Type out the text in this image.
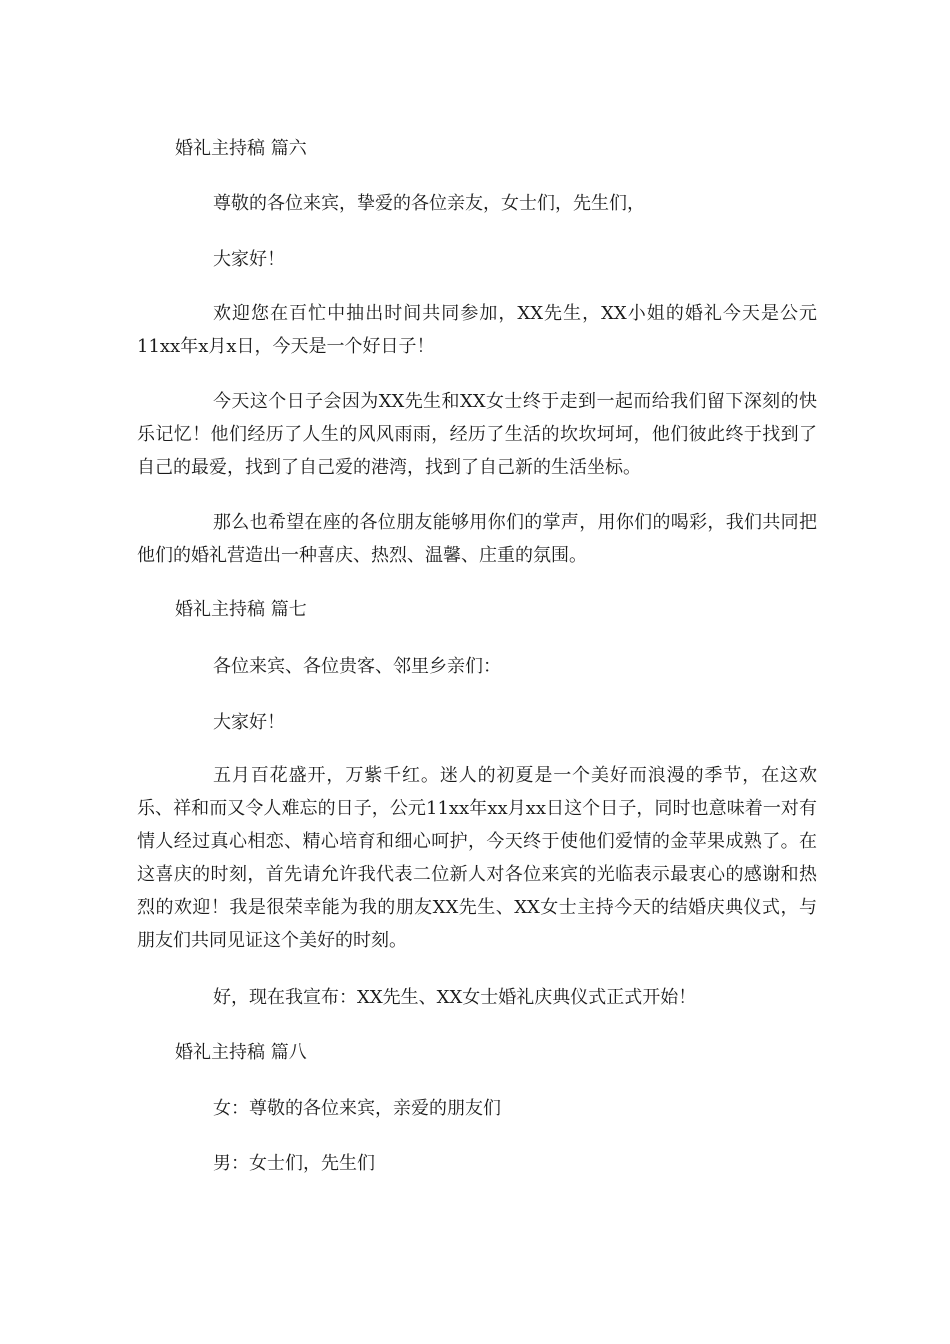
婚礼主持稿 篇六
尊敬的各位来宾，挚爱的各位亲友，女士们，先生们，
大家好！
欢迎您在百忙中抽出时间共同参加，XX先生，XX小姐的婚礼今天是公元11xx年x月x日，今天是一个好日子！
今天这个日子会因为XX先生和XX女士终于走到一起而给我们留下深刻的快乐记忆！他们经历了人生的风风雨雨，经历了生活的坎坎坷坷，他们彼此终于找到了自己的最爱，找到了自己爱的港湾，找到了自己新的生活坐标。
那么也希望在座的各位朋友能够用你们的掌声，用你们的喝彩，我们共同把他们的婚礼营造出一种喜庆、热烈、温馨、庄重的氛围。
婚礼主持稿 篇七
各位来宾、各位贵客、邻里乡亲们：
大家好！
五月百花盛开，万紫千红。迷人的初夏是一个美好而浪漫的季节，在这欢乐、祥和而又令人难忘的日子，公元11xx年xx月xx日这个日子，同时也意味着一对有情人经过真心相恋、精心培育和细心呵护，今天终于使他们爱情的金苹果成熟了。在这喜庆的时刻，首先请允许我代表二位新人对各位来宾的光临表示最衷心的感谢和热烈的欢迎！我是很荣幸能为我的朋友XX先生、XX女士主持今天的结婚庆典仪式，与朋友们共同见证这个美好的时刻。
好，现在我宣布：XX先生、XX女士婚礼庆典仪式正式开始！
婚礼主持稿 篇八
女：尊敬的各位来宾，亲爱的朋友们
男：女士们，先生们
